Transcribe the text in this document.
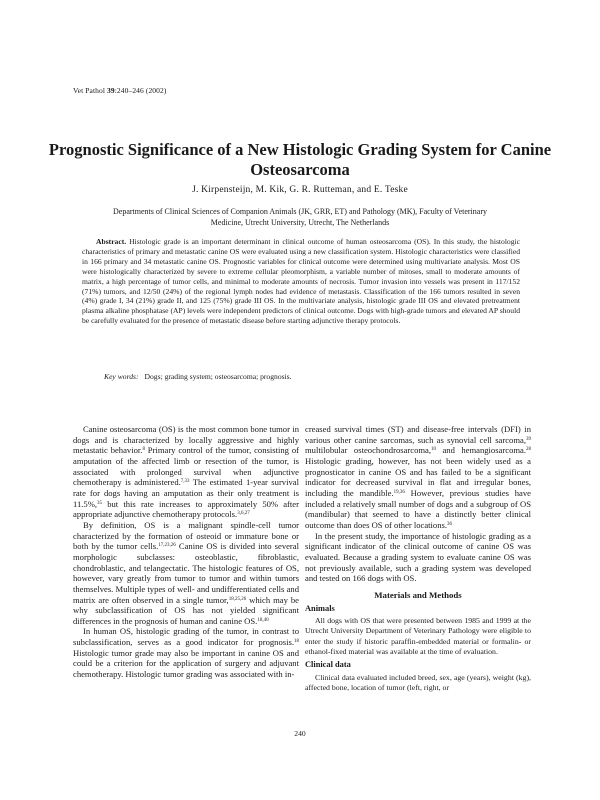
Vet Pathol 39:240–246 (2002)
Prognostic Significance of a New Histologic Grading System for Canine Osteosarcoma
J. Kirpensteijn, M. Kik, G. R. Rutteman, and E. Teske
Departments of Clinical Sciences of Companion Animals (JK, GRR, ET) and Pathology (MK), Faculty of Veterinary Medicine, Utrecht University, Utrecht, The Netherlands
Abstract. Histologic grade is an important determinant in clinical outcome of human osteosarcoma (OS). In this study, the histologic characteristics of primary and metastatic canine OS were evaluated using a new classification system. Histologic characteristics were classified in 166 primary and 34 metastatic canine OS. Prognostic variables for clinical outcome were determined using multivariate analysis. Most OS were histologically characterized by severe to extreme cellular pleomorphism, a variable number of mitoses, small to moderate amounts of matrix, a high percentage of tumor cells, and minimal to moderate amounts of necrosis. Tumor invasion into vessels was present in 117/152 (71%) tumors, and 12/50 (24%) of the regional lymph nodes had evidence of metastasis. Classification of the 166 tumors resulted in seven (4%) grade I, 34 (21%) grade II, and 125 (75%) grade III OS. In the multivariate analysis, histologic grade III OS and elevated pretreatment plasma alkaline phosphatase (AP) levels were independent predictors of clinical outcome. Dogs with high-grade tumors and elevated AP should be carefully evaluated for the presence of metastatic disease before starting adjunctive therapy protocols.
Key words: Dogs; grading system; osteosarcoma; prognosis.

Canine osteosarcoma (OS) is the most common bone tumor in dogs and is characterized by locally aggressive and highly metastatic behavior.$^8$ Primary control of the tumor, consisting of amputation of the affected limb or resection of the tumor, is associated with prolonged survival when adjunctive chemotherapy is administered.$^{7,33}$ The estimated 1-year survival rate for dogs having an amputation as their only treatment is 11.5%,$^{35}$ but this rate increases to approximately 50% after appropriate adjunctive chemotherapy protocols.$^{3,6,27}$

By definition, OS is a malignant spindle-cell tumor characterized by the formation of osteoid or immature bone or both by the tumor cells.$^{17,23,26}$ Canine OS is divided into several morphologic subclasses: osteoblastic, fibroblastic, chondroblastic, and telangectatic. The histologic features of OS, however, vary greatly from tumor to tumor and within tumors themselves. Multiple types of well- and undifferentiated cells and matrix are often observed in a single tumor,$^{18,25,26}$ which may be why subclassification of OS has not yielded significant differences in the prognosis of human and canine OS.$^{18,40}$

In human OS, histologic grading of the tumor, in contrast to subclassification, serves as a good indicator for prognosis.$^{18}$ Histologic tumor grade may also be important in canine OS and could be a criterion for the application of surgery and adjuvant chemotherapy. Histologic tumor grading was associated with in-

creased survival times (ST) and disease-free intervals (DFI) in various other canine sarcomas, such as synovial cell sarcoma,$^{39}$ multilobular osteochondrosarcoma,$^{10}$ and hemangiosarcoma.$^{28}$ Histologic grading, however, has not been widely used as a prognosticator in canine OS and has failed to be a significant indicator for decreased survival in flat and irregular bones, including the mandible.$^{19,36}$ However, previous studies have included a relatively small number of dogs and a subgroup of OS (mandibular) that seemed to have a distinctly better clinical outcome than does OS of other locations.$^{36}$

In the present study, the importance of histologic grading as a significant indicator of the clinical outcome of canine OS was evaluated. Because a grading system to evaluate canine OS was not previously available, such a grading system was developed and tested on 166 dogs with OS.

Materials and Methods
Animals

All dogs with OS that were presented between 1985 and 1999 at the Utrecht University Department of Veterinary Pathology were eligible to enter the study if historic paraffin-embedded material or formalin- or ethanol-fixed material was available at the time of evaluation.

Clinical data

Clinical data evaluated included breed, sex, age (years), weight (kg), affected bone, location of tumor (left, right, or

240
